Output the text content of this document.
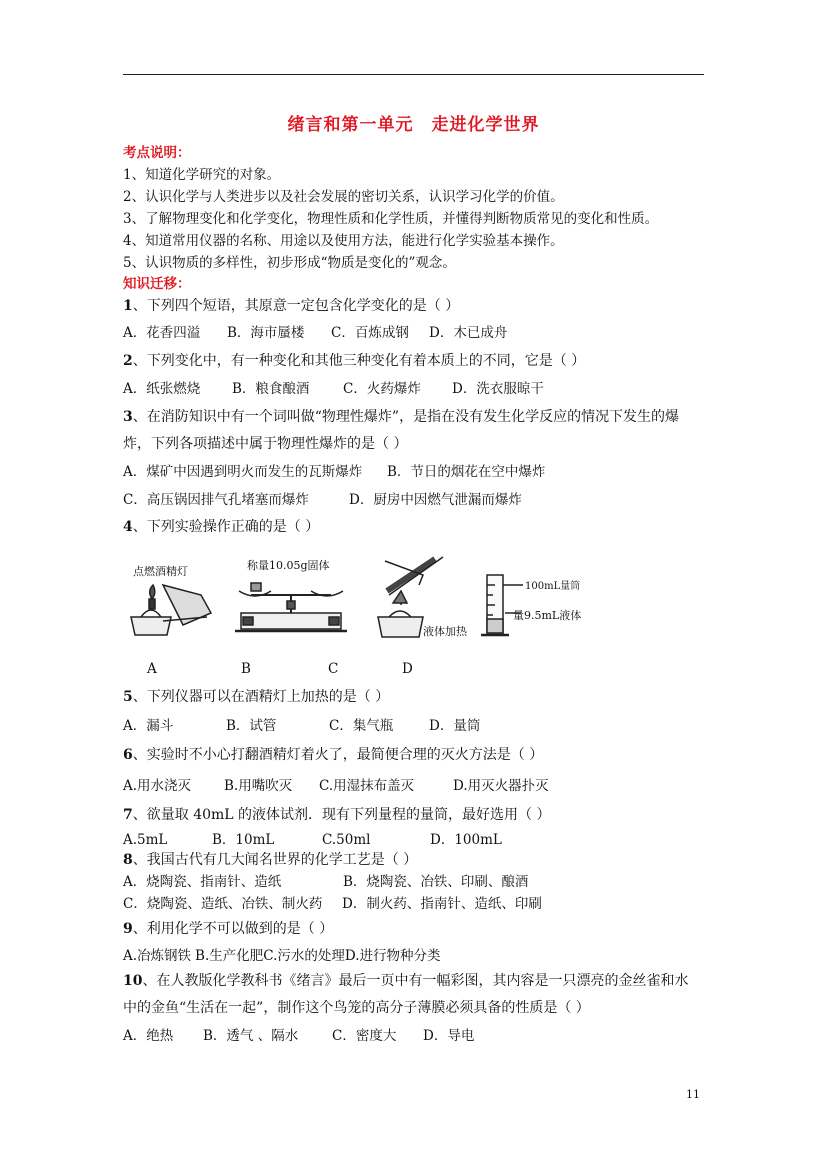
绪言和第一单元　走进化学世界
考点说明：
1、知道化学研究的对象。
2、认识化学与人类进步以及社会发展的密切关系，认识学习化学的价值。
3、了解物理变化和化学变化，物理性质和化学性质，并懂得判断物质常见的变化和性质。
4、知道常用仪器的名称、用途以及使用方法，能进行化学实验基本操作。
5、认识物质的多样性，初步形成“物质是变化的”观念。
知识迁移：
1、下列四个短语，其原意一定包含化学变化的是（ ）
A．花香四溢 B．海市蜃楼 C．百炼成钢 D．木已成舟
2、下列变化中，有一种变化和其他三种变化有着本质上的不同，它是（ ）
A．纸张燃烧 B．粮食酿酒 C．火药爆炸 D．洗衣服晾干
3、在消防知识中有一个词叫做“物理性爆炸”，是指在没有发生化学反应的情况下发生的爆
炸，下列各项描述中属于物理性爆炸的是（ ）
A．煤矿中因遇到明火而发生的瓦斯爆炸 B．节日的烟花在空中爆炸
C．高压锅因排气孔堵塞而爆炸	D．厨房中因燃气泄漏而爆炸
4、下列实验操作正确的是（ ）
点燃酒精灯	称量10.05g固体
液体加热
100mL量筒
量9.5mL液体
A	B	C	D
5、下列仪器可以在酒精灯上加热的是（ ）
A．漏斗	B．试管	C．集气瓶	D．量筒
6、实验时不小心打翻酒精灯着火了，最简便合理的灭火方法是（ ）
A.用水浇灭 B.用嘴吹灭 C.用湿抹布盖灭	D.用灭火器扑灭
7、欲量取 40mL 的液体试剂．现有下列量程的量筒，最好选用（ ）
A.5mL	B．10mL	C.50ml	D．100mL
8、我国古代有几大闻名世界的化学工艺是（ ）
A．烧陶瓷、指南针、造纸	B．烧陶瓷、冶铁、印刷、酿酒
C．烧陶瓷、造纸、冶铁、制火药 D．制火药、指南针、造纸、印刷
9、利用化学不可以做到的是（ ）
A.冶炼钢铁 B.生产化肥C.污水的处理D.进行物种分类
10、在人教版化学教科书《绪言》最后一页中有一幅彩图，其内容是一只漂亮的金丝雀和水
中的金鱼“生活在一起”，制作这个鸟笼的高分子薄膜必须具备的性质是（ ）
A．绝热 B．透气 、隔水	C．密度大 D．导电
11
